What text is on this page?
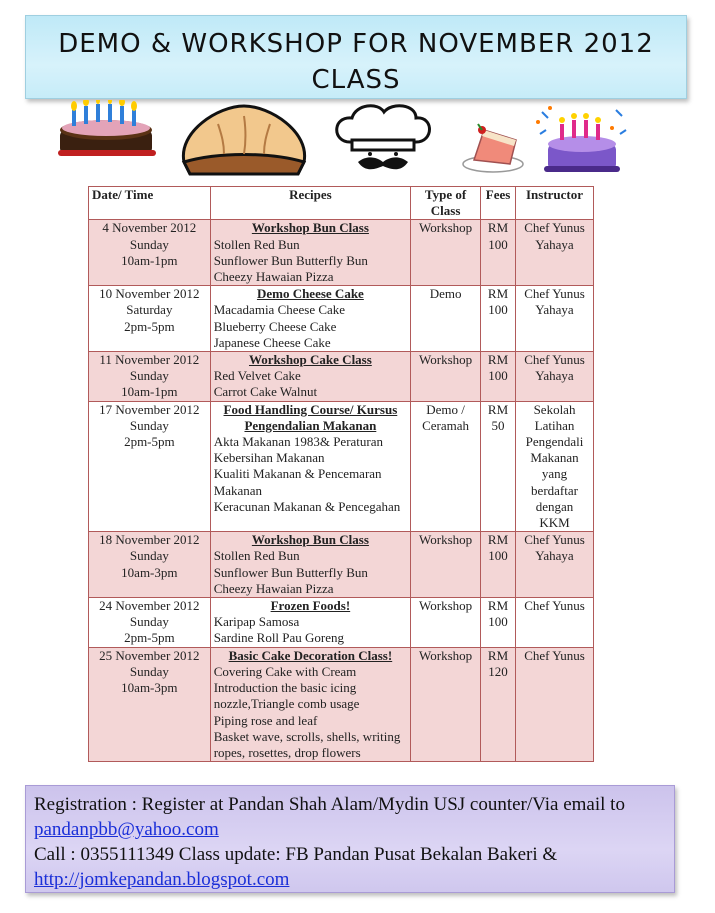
DEMO & WORKSHOP FOR NOVEMBER 2012
CLASS
Date/ Time	Recipes	Type of Class	Fees	Instructor

4 November 2012
Sunday
10am-1pm	Workshop Bun Class
Stollen Red Bun
Sunflower Bun Butterfly Bun
Cheezy Hawaian Pizza	Workshop	RM 100	Chef Yunus Yahaya

10 November 2012
Saturday
2pm-5pm	Demo Cheese Cake
Macadamia Cheese Cake
Blueberry Cheese Cake
Japanese Cheese Cake	Demo	RM 100	Chef Yunus Yahaya

11 November 2012
Sunday
10am-1pm	Workshop Cake Class
Red Velvet Cake
Carrot Cake Walnut	Workshop	RM 100	Chef Yunus Yahaya

17 November 2012
Sunday
2pm-5pm	Food Handling Course/ Kursus Pengendalian Makanan
Akta Makanan 1983& Peraturan Kebersihan Makanan
Kualiti Makanan & Pencemaran Makanan
Keracunan Makanan & Pencegahan	Demo / Ceramah	RM 50	Sekolah Latihan Pengendali Makanan yang berdaftar dengan KKM

18 November 2012
Sunday
10am-3pm	Workshop Bun Class
Stollen Red Bun
Sunflower Bun Butterfly Bun
Cheezy Hawaian Pizza	Workshop	RM 100	Chef Yunus Yahaya

24 November 2012
Sunday
2pm-5pm	Frozen Foods!
Karipap Samosa
Sardine Roll Pau Goreng	Workshop	RM 100	Chef Yunus

25 November 2012
Sunday
10am-3pm	Basic Cake Decoration Class!
Covering Cake with Cream
Introduction the basic icing nozzle,Triangle comb usage
Piping rose and leaf
Basket wave, scrolls, shells, writing ropes, rosettes, drop flowers	Workshop	RM 120	Chef Yunus
Registration : Register at Pandan Shah Alam/Mydin USJ counter/Via email to pandanpbb@yahoo.com
Call : 0355111349 Class update: FB Pandan Pusat Bekalan Bakeri &
http://jomkepandan.blogspot.com
